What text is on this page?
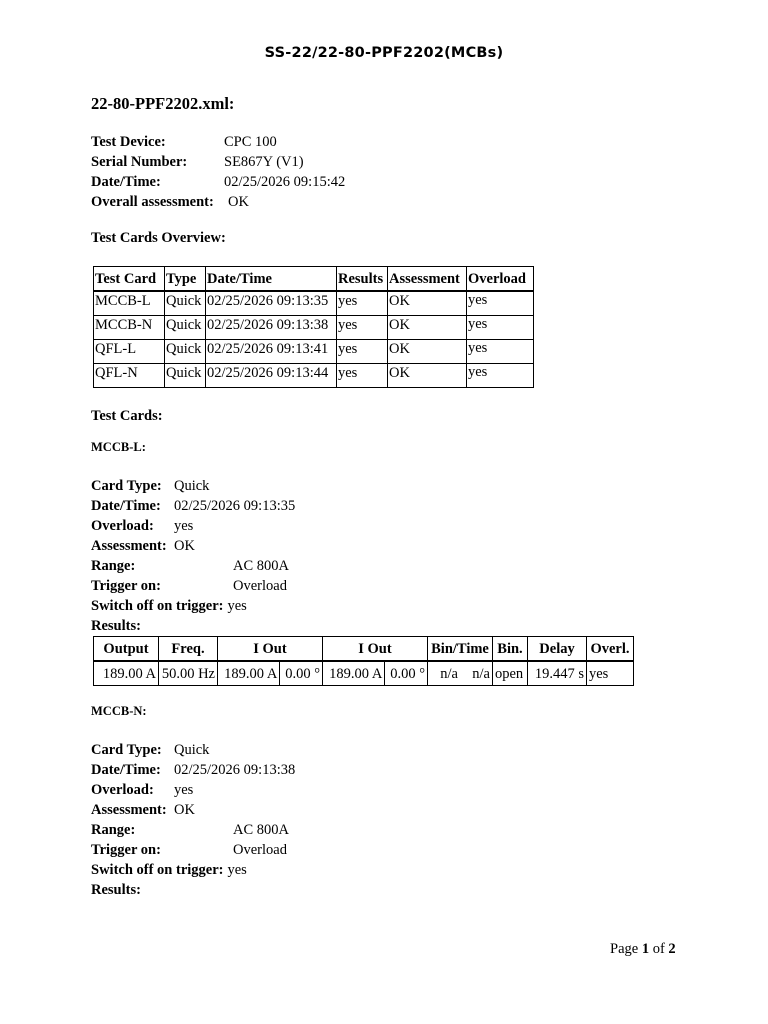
SS-22/22-80-PPF2202(MCBs)
22-80-PPF2202.xml:
Test Device:	CPC 100
Serial Number:	SE867Y (V1)
Date/Time:	02/25/2026 09:15:42
Overall assessment: OK
Test Cards Overview:
Test Card	Type	Date/Time	Results	Assessment	Overload
MCCB-L	Quick	02/25/2026 09:13:35	yes	OK	yes
MCCB-N	Quick	02/25/2026 09:13:38	yes	OK	yes
QFL-L	Quick	02/25/2026 09:13:41	yes	OK	yes
QFL-N	Quick	02/25/2026 09:13:44	yes	OK	yes
Test Cards:
MCCB-L:
Card Type: Quick
Date/Time: 02/25/2026 09:13:35
Overload:	yes
Assessment: OK
Range:	AC 800A
Trigger on:	Overload
Switch off on trigger: yes
Results:
Output	Freq.	I Out		I Out		Bin/Time		Bin.	Delay	Overl.
189.00 A	50.00 Hz	189.00 A	0.00 °	189.00 A	0.00 °	n/a	n/a	open	19.447 s	yes
MCCB-N:
Card Type: Quick
Date/Time: 02/25/2026 09:13:38
Overload:	yes
Assessment: OK
Range:	AC 800A
Trigger on:	Overload
Switch off on trigger: yes
Results:
Page 1 of 2
